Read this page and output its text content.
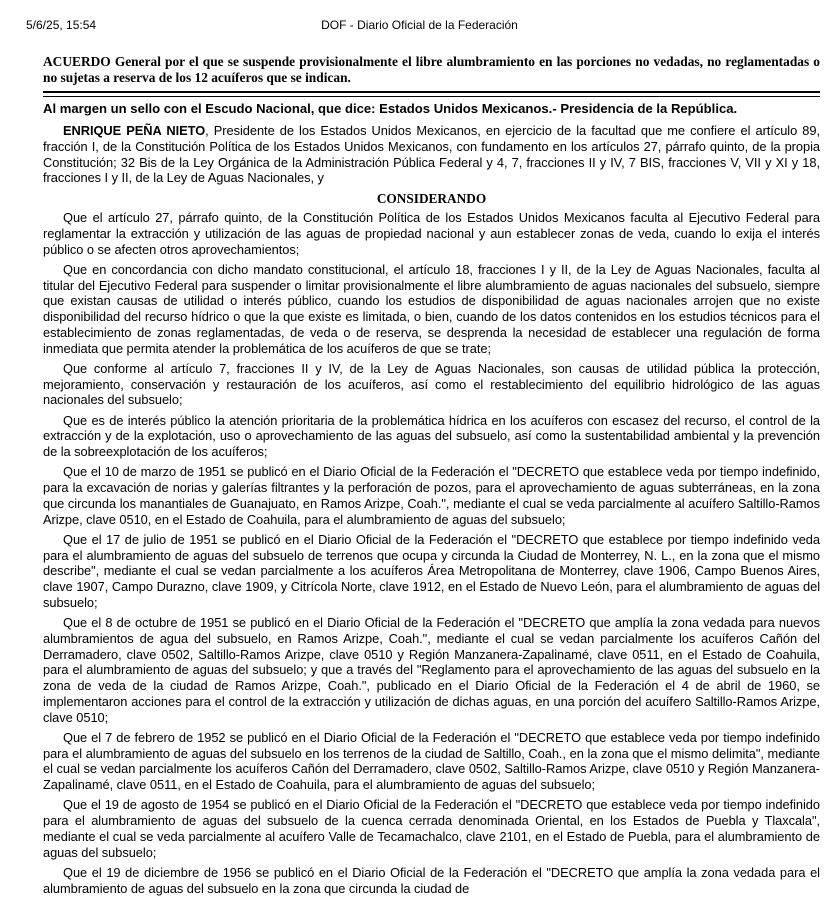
5/6/25, 15:54	DOF - Diario Oficial de la Federación

ACUERDO General por el que se suspende provisionalmente el libre alumbramiento en las porciones no vedadas, no reglamentadas o no sujetas a reserva de los 12 acuíferos que se indican.

Al margen un sello con el Escudo Nacional, que dice: Estados Unidos Mexicanos.- Presidencia de la República.

ENRIQUE PEÑA NIETO, Presidente de los Estados Unidos Mexicanos, en ejercicio de la facultad que me confiere el artículo 89, fracción I, de la Constitución Política de los Estados Unidos Mexicanos, con fundamento en los artículos 27, párrafo quinto, de la propia Constitución; 32 Bis de la Ley Orgánica de la Administración Pública Federal y 4, 7, fracciones II y IV, 7 BIS, fracciones V, VII y XI y 18, fracciones I y II, de la Ley de Aguas Nacionales, y

CONSIDERANDO

Que el artículo 27, párrafo quinto, de la Constitución Política de los Estados Unidos Mexicanos faculta al Ejecutivo Federal para reglamentar la extracción y utilización de las aguas de propiedad nacional y aun establecer zonas de veda, cuando lo exija el interés público o se afecten otros aprovechamientos;

Que en concordancia con dicho mandato constitucional, el artículo 18, fracciones I y II, de la Ley de Aguas Nacionales, faculta al titular del Ejecutivo Federal para suspender o limitar provisionalmente el libre alumbramiento de aguas nacionales del subsuelo, siempre que existan causas de utilidad o interés público, cuando los estudios de disponibilidad de aguas nacionales arrojen que no existe disponibilidad del recurso hídrico o que la que existe es limitada, o bien, cuando de los datos contenidos en los estudios técnicos para el establecimiento de zonas reglamentadas, de veda o de reserva, se desprenda la necesidad de establecer una regulación de forma inmediata que permita atender la problemática de los acuíferos de que se trate;

Que conforme al artículo 7, fracciones II y IV, de la Ley de Aguas Nacionales, son causas de utilidad pública la protección, mejoramiento, conservación y restauración de los acuíferos, así como el restablecimiento del equilibrio hidrológico de las aguas nacionales del subsuelo;

Que es de interés público la atención prioritaria de la problemática hídrica en los acuíferos con escasez del recurso, el control de la extracción y de la explotación, uso o aprovechamiento de las aguas del subsuelo, así como la sustentabilidad ambiental y la prevención de la sobreexplotación de los acuíferos;

Que el 10 de marzo de 1951 se publicó en el Diario Oficial de la Federación el "DECRETO que establece veda por tiempo indefinido, para la excavación de norias y galerías filtrantes y la perforación de pozos, para el aprovechamiento de aguas subterráneas, en la zona que circunda los manantiales de Guanajuato, en Ramos Arizpe, Coah.", mediante el cual se veda parcialmente al acuífero Saltillo-Ramos Arizpe, clave 0510, en el Estado de Coahuila, para el alumbramiento de aguas del subsuelo;

Que el 17 de julio de 1951 se publicó en el Diario Oficial de la Federación el "DECRETO que establece por tiempo indefinido veda para el alumbramiento de aguas del subsuelo de terrenos que ocupa y circunda la Ciudad de Monterrey, N. L., en la zona que el mismo describe", mediante el cual se vedan parcialmente a los acuíferos Área Metropolitana de Monterrey, clave 1906, Campo Buenos Aires, clave 1907, Campo Durazno, clave 1909, y Citrícola Norte, clave 1912, en el Estado de Nuevo León, para el alumbramiento de aguas del subsuelo;

Que el 8 de octubre de 1951 se publicó en el Diario Oficial de la Federación el "DECRETO que amplía la zona vedada para nuevos alumbramientos de agua del subsuelo, en Ramos Arizpe, Coah.", mediante el cual se vedan parcialmente los acuíferos Cañón del Derramadero, clave 0502, Saltillo-Ramos Arizpe, clave 0510 y Región Manzanera-Zapalinamé, clave 0511, en el Estado de Coahuila, para el alumbramiento de aguas del subsuelo; y que a través del "Reglamento para el aprovechamiento de las aguas del subsuelo en la zona de veda de la ciudad de Ramos Arizpe, Coah.", publicado en el Diario Oficial de la Federación el 4 de abril de 1960, se implementaron acciones para el control de la extracción y utilización de dichas aguas, en una porción del acuífero Saltillo-Ramos Arizpe, clave 0510;

Que el 7 de febrero de 1952 se publicó en el Diario Oficial de la Federación el "DECRETO que establece veda por tiempo indefinido para el alumbramiento de aguas del subsuelo en los terrenos de la ciudad de Saltillo, Coah., en la zona que el mismo delimita", mediante el cual se vedan parcialmente los acuíferos Cañón del Derramadero, clave 0502, Saltillo-Ramos Arizpe, clave 0510 y Región Manzanera-Zapalinamé, clave 0511, en el Estado de Coahuila, para el alumbramiento de aguas del subsuelo;

Que el 19 de agosto de 1954 se publicó en el Diario Oficial de la Federación el "DECRETO que establece veda por tiempo indefinido para el alumbramiento de aguas del subsuelo de la cuenca cerrada denominada Oriental, en los Estados de Puebla y Tlaxcala", mediante el cual se veda parcialmente al acuífero Valle de Tecamachalco, clave 2101, en el Estado de Puebla, para el alumbramiento de aguas del subsuelo;

Que el 19 de diciembre de 1956 se publicó en el Diario Oficial de la Federación el "DECRETO que amplía la zona vedada para el alumbramiento de aguas del subsuelo en la zona que circunda la ciudad de
